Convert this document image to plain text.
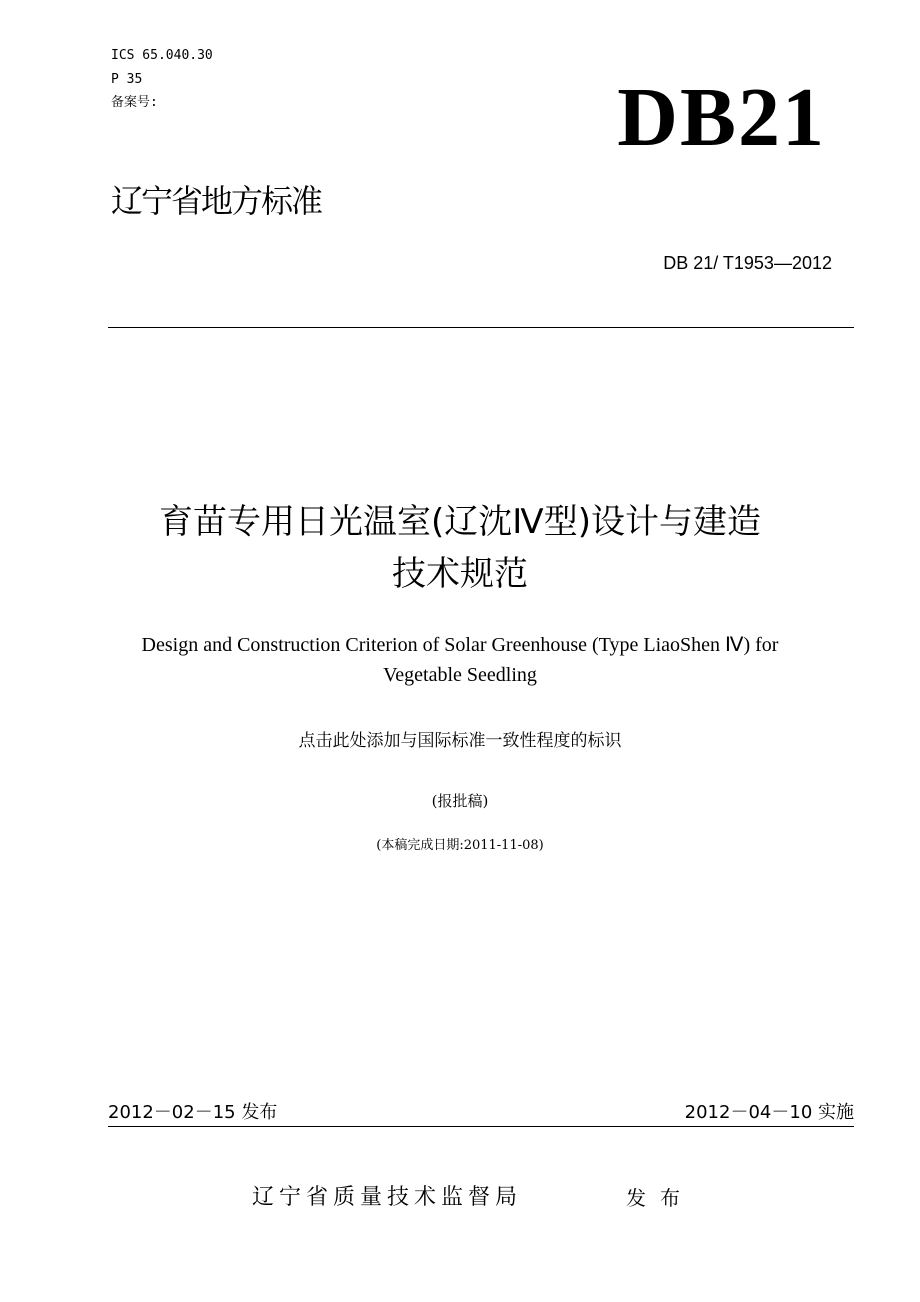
ICS 65.040.30
P 35
备案号:	DB21
辽宁省地方标准
DB 21/ T1953—2012
育苗专用日光温室(辽沈Ⅳ型)设计与建造
技术规范
Design and Construction Criterion of Solar Greenhouse (Type LiaoShen Ⅳ) for
Vegetable Seedling
点击此处添加与国际标准一致性程度的标识
(报批稿)
(本稿完成日期:2011-11-08)
2012－02－15 发布	2012－04－10 实施
辽宁省质量技术监督局	发布
